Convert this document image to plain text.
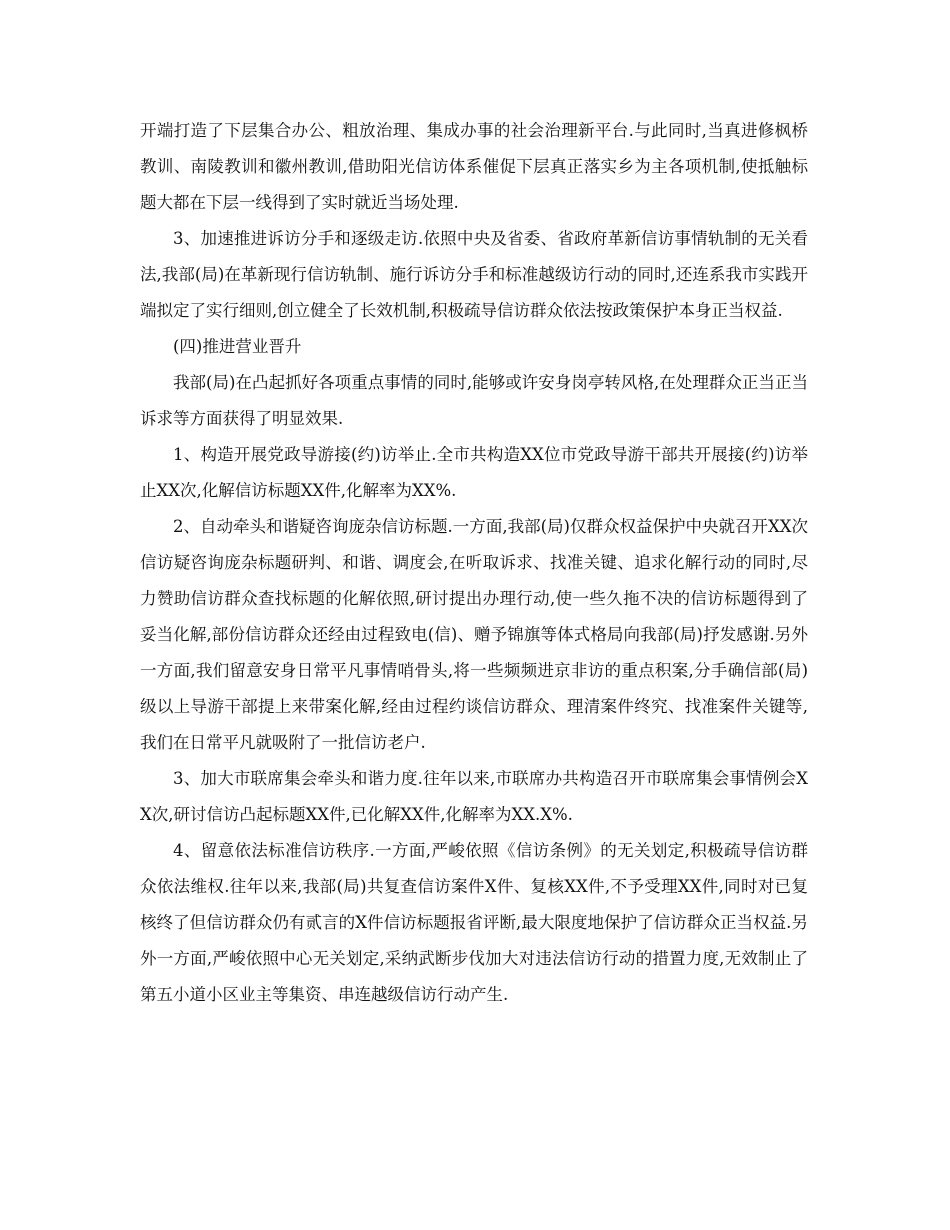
开端打造了下层集合办公、粗放治理、集成办事的社会治理新平台.与此同时,当真进修枫桥教训、南陵教训和徽州教训,借助阳光信访体系催促下层真正落实乡为主各项机制,使抵触标题大都在下层一线得到了实时就近当场处理.

3、加速推进诉访分手和逐级走访.依照中央及省委、省政府革新信访事情轨制的无关看法,我部(局)在革新现行信访轨制、施行诉访分手和标准越级访行动的同时,还连系我市实践开端拟定了实行细则,创立健全了长效机制,积极疏导信访群众依法按政策保护本身正当权益.

(四)推进营业晋升

我部(局)在凸起抓好各项重点事情的同时,能够或许安身岗亭转风格,在处理群众正当正当诉求等方面获得了明显效果.

1、构造开展党政导游接(约)访举止.全市共构造XX位市党政导游干部共开展接(约)访举止XX次,化解信访标题XX件,化解率为XX%.

2、自动牵头和谐疑咨询庞杂信访标题.一方面,我部(局)仅群众权益保护中央就召开XX次信访疑咨询庞杂标题研判、和谐、调度会,在听取诉求、找准关键、追求化解行动的同时,尽力赞助信访群众查找标题的化解依照,研讨提出办理行动,使一些久拖不决的信访标题得到了妥当化解,部份信访群众还经由过程致电(信)、赠予锦旗等体式格局向我部(局)抒发感谢.另外一方面,我们留意安身日常平凡事情哨骨头,将一些频频进京非访的重点积案,分手确信部(局)级以上导游干部提上来带案化解,经由过程约谈信访群众、理清案件终究、找准案件关键等,我们在日常平凡就吸附了一批信访老户.

3、加大市联席集会牵头和谐力度.往年以来,市联席办共构造召开市联席集会事情例会XX次,研讨信访凸起标题XX件,已化解XX件,化解率为XX.X%.

4、留意依法标准信访秩序.一方面,严峻依照《信访条例》的无关划定,积极疏导信访群众依法维权.往年以来,我部(局)共复查信访案件X件、复核XX件,不予受理XX件,同时对已复核终了但信访群众仍有贰言的X件信访标题报省评断,最大限度地保护了信访群众正当权益.另外一方面,严峻依照中心无关划定,采纳武断步伐加大对违法信访行动的措置力度,无效制止了第五小道小区业主等集资、串连越级信访行动产生.
